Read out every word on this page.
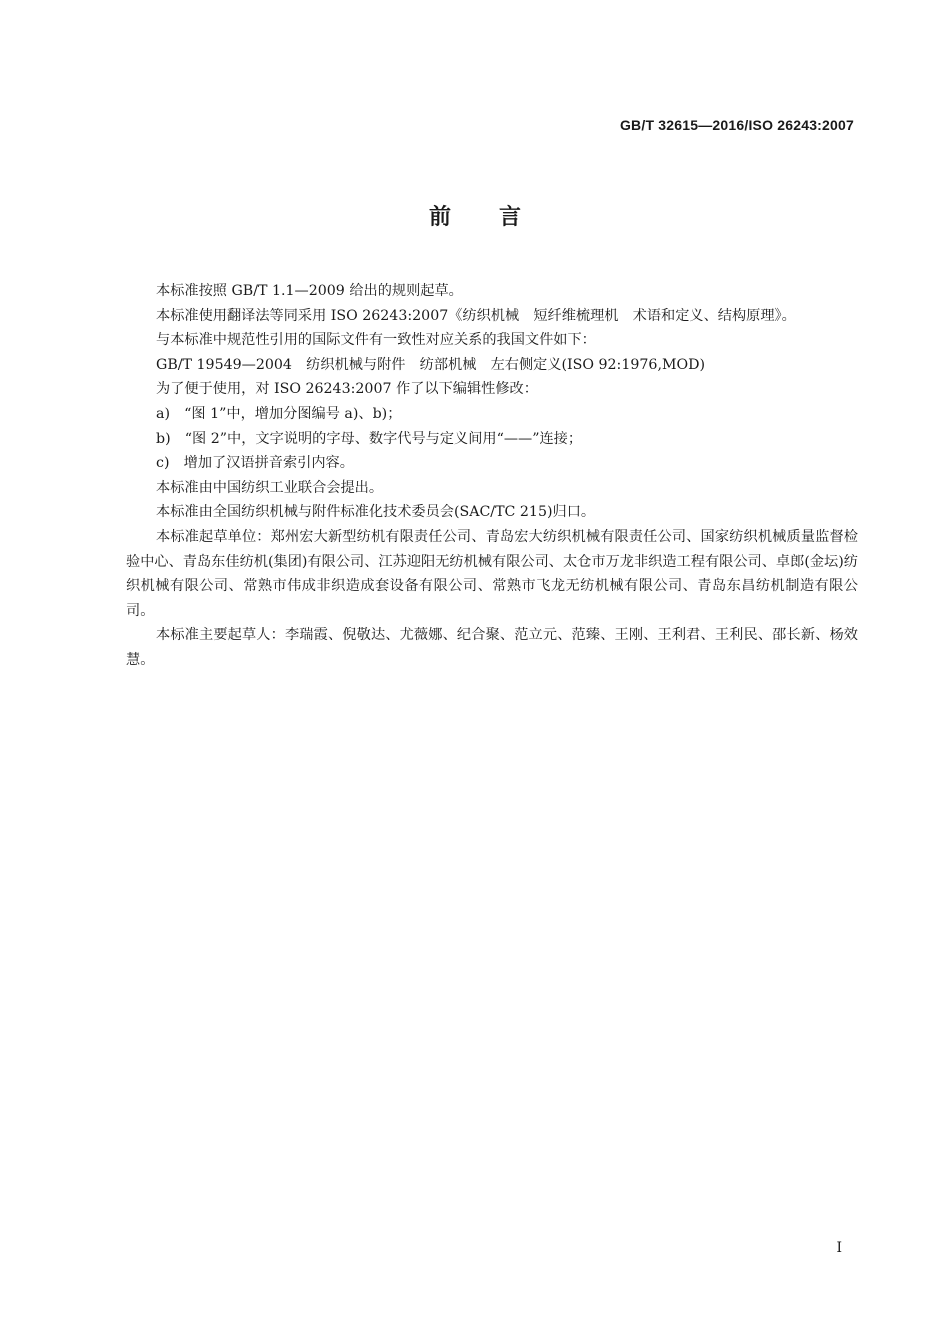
GB/T 32615—2016/ISO 26243:2007
前言

本标准按照 GB/T 1.1—2009 给出的规则起草。

本标准使用翻译法等同采用 ISO 26243:2007《纺织机械　短纤维梳理机　术语和定义、结构原理》。

与本标准中规范性引用的国际文件有一致性对应关系的我国文件如下：

GB/T 19549—2004　纺织机械与附件　纺部机械　左右侧定义(ISO 92:1976,MOD)

为了便于使用，对 ISO 26243:2007 作了以下编辑性修改：

a)　“图 1”中，增加分图编号 a)、b)；

b)　“图 2”中，文字说明的字母、数字代号与定义间用“——”连接；

c)　增加了汉语拼音索引内容。

本标准由中国纺织工业联合会提出。

本标准由全国纺织机械与附件标准化技术委员会(SAC/TC 215)归口。

本标准起草单位：郑州宏大新型纺机有限责任公司、青岛宏大纺织机械有限责任公司、国家纺织机械质量监督检验中心、青岛东佳纺机(集团)有限公司、江苏迎阳无纺机械有限公司、太仓市万龙非织造工程有限公司、卓郎(金坛)纺织机械有限公司、常熟市伟成非织造成套设备有限公司、常熟市飞龙无纺机械有限公司、青岛东昌纺机制造有限公司。

本标准主要起草人：李瑞霞、倪敬达、尤薇娜、纪合聚、范立元、范臻、王刚、王利君、王利民、邵长新、杨效慧。

I
